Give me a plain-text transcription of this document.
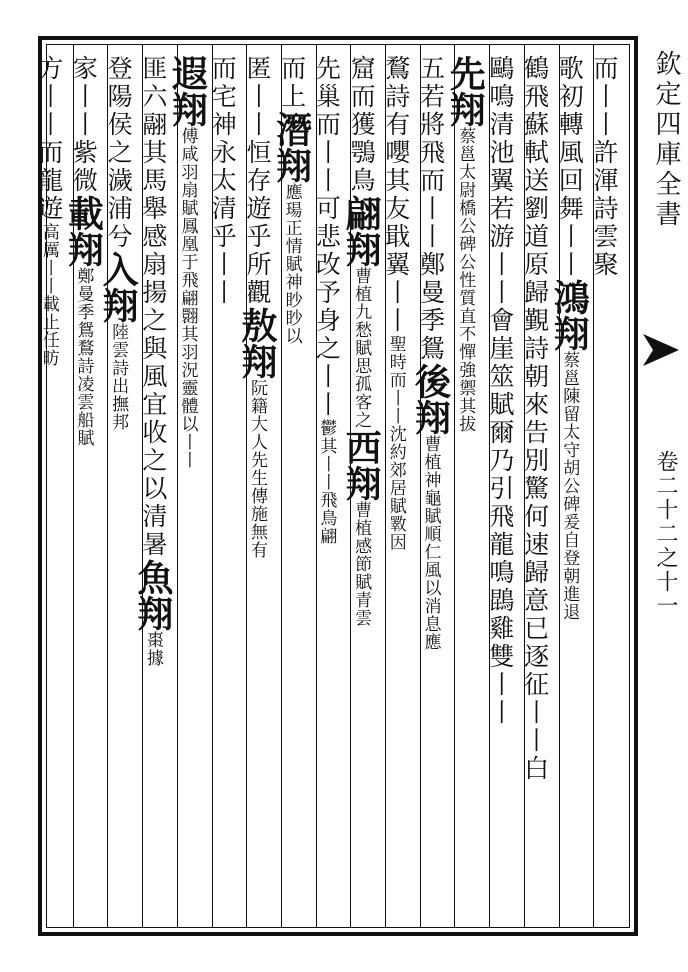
欽定四庫全書
卷二十二之十一
而丨丨許渾詩雲聚
歌初轉風回舞丨丨鴻翔蔡邕陳留太守胡公碑爰自登朝進退
鶴飛蘇軾送劉道原歸覲詩朝來告別驚何速歸意已逐征丨丨白
鷗鳴清池翼若游丨丨會崖筮賦爾乃引飛龍鳴鵾雞雙丨丨
先翔蔡邕太尉橋公碑公性質直不憚強禦其拔
五若將飛而丨丨鄭曼季鴛後翔曹植神龜賦順仁風以消息應
鶩詩有嚶其友戢翼丨丨聖時而丨丨沈約郊居賦斁因
窟而獲鶚鳥翩翔曹植九愁賦思孤客之西翔曹植感節賦青雲
先巢而丨丨可悲改予身之丨丨鬱其丨丨飛鳥翩
而上潛翔應瑒正情賦神眇眇以
匿丨丨恒存遊乎所觀敖翔阮籍大人先生傳施無有
而宅神永太清乎丨丨
遐翔傅咸羽扇賦鳳凰于飛翩翾其羽況靈體以丨丨
匪六翮其馬舉感扇揚之與風宜收之以清暑魚翔棗據
登陽侯之濊浦兮入翔陸雲詩出撫邦
家丨丨紫微載翔鄭曼季鴛鶩詩凌雲船賦
方丨丨而龍遊高厲丨丨載止任昉
